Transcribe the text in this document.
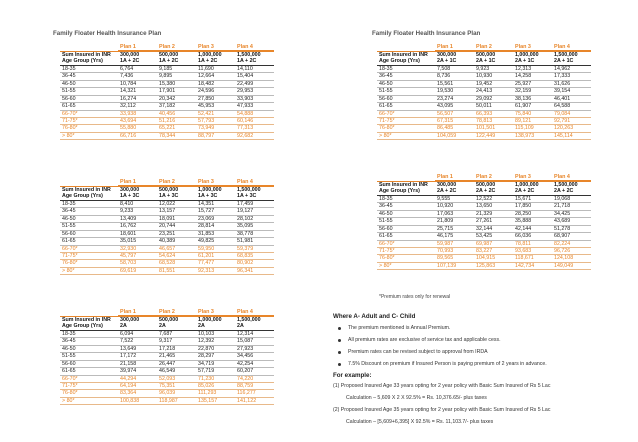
Family Floater Health Insurance Plan	Family Floater Health Insurance Plan
Plan 1	Plan 2	Plan 3	Plan 4
Sum Insured in INR	300,000	500,000	1,000,000	1,500,000
Age Group (Yrs)	1A + 2C	1A + 2C	1A + 2C	1A + 2C
18-35	6,764	9,185	11,690	14,110
36-45	7,436	9,895	12,664	15,404
46-50	10,784	15,380	18,482	22,499
51-55	14,321	17,901	24,596	29,953
56-60	16,274	20,342	27,850	33,903
61-65	32,112	37,182	45,953	47,933
66-70*	33,938	40,456	52,421	54,888
71-75*	43,694	51,216	57,793	60,146
76-80*	55,880	65,221	73,949	77,313
> 80*	66,716	78,344	88,797	92,682
Plan 1	Plan 2	Plan 3	Plan 4
Sum Insured in INR	300,000	500,000	1,000,000	1,500,000
Age Group (Yrs)	1A + 3C	1A + 3C	1A + 3C	1A + 3C
18-35	8,410	12,022	14,351	17,459
36-45	9,233	13,157	15,727	19,127
46-50	13,409	18,091	23,069	28,102
51-55	16,762	20,744	28,814	35,095
56-60	18,601	23,251	31,853	38,778
61-65	35,015	40,389	49,825	51,981
66-70*	32,930	46,657	59,950	59,379
71-75*	45,797	54,624	61,201	68,835
76-80*	58,703	68,528	77,477	80,902
> 80*	69,619	81,551	92,313	96,341
Plan 1	Plan 2	Plan 3	Plan 4
Sum Insured in INR	300,000	500,000	1,000,000	1,500,000
Age Group (Yrs)	2A	2A	2A	2A
18-35	6,094	7,687	10,103	12,314
36-45	7,522	9,317	12,392	15,087
46-50	13,649	17,218	22,870	27,923
51-55	17,172	21,465	28,297	34,456
56-60	21,158	26,447	34,719	42,254
61-65	39,974	46,549	57,719	60,207
66-70*	44,294	52,093	71,230	74,220
71-75*	64,194	75,351	85,026	88,759
76-80*	83,364	96,039	111,293	116,277
> 80*	100,838	118,987	135,157	141,122
Plan 1	Plan 2	Plan 3	Plan 4
Sum Insured in INR	300,000	500,000	1,000,000	1,500,000
Age Group (Yrs)	2A + 1C	2A + 1C	2A + 1C	2A + 1C
18-35	7,508	9,923	12,313	14,962
36-45	8,736	10,930	14,258	17,333
46-50	15,561	19,452	25,927	31,626
51-55	19,530	24,413	32,159	39,154
56-60	23,274	29,092	38,136	46,401
61-65	43,095	50,011	61,907	64,588
66-70*	56,507	66,393	75,840	79,084
71-75*	67,315	78,813	89,121	92,791
76-80*	86,485	101,501	115,109	120,263
> 80*	104,059	122,449	138,973	145,114
Plan 1	Plan 2	Plan 3	Plan 4
Sum Insured in INR	300,000	500,000	1,000,000	1,500,000
Age Group (Yrs)	2A + 2C	2A + 2C	2A + 2C	2A + 2C
18-35	9,555	12,522	15,671	19,068
36-45	10,920	13,650	17,850	21,718
46-50	17,063	21,329	28,250	34,425
51-55	21,809	27,261	35,888	43,689
56-60	25,715	32,144	42,144	51,278
61-65	46,175	53,425	66,036	68,907
66-70*	59,987	69,987	78,811	82,224
71-75*	70,993	83,227	93,683	96,726
76-80*	89,565	104,915	118,671	124,108
> 80*	107,139	125,863	142,734	149,049
*Premium rates only for renewal
Where A- Adult and C- Child
The premium mentioned is Annual Premium.
All premium rates are exclusive of service tax and applicable cess.
Premium rates can be revised subject to approval from IRDA
7.5% Discount on premium if Insured Person is paying premium of 2 years in advance.
For example:
(1) Proposed Insured Age 33 years opting for 2 year policy with Basic Sum Insured of Rs 5 Lac
Calculation – 5,609 X 2 X 92.5% = Rs. 10,376.65/- plus taxes
(2) Proposed Insured Age 35 years opting for 2 year policy with Basic Sum Insured of Rs 5 Lac
Calculation – [5,609+6,395] X 92.5% = Rs. 11,103.7/- plus taxes
